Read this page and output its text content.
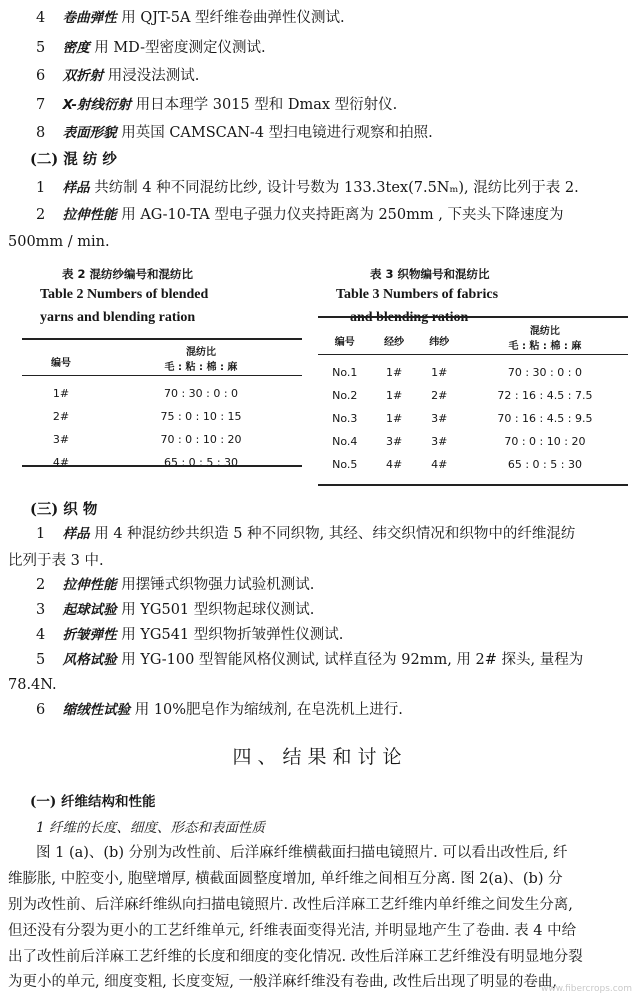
4 卷曲弹性 用 QJT-5A 型纤维卷曲弹性仪测试.
5 密度 用 MD-型密度测定仪测试.
6 双折射 用浸没法测试.
7 X-射线衍射 用日本理学 3015 型和 Dmax 型衍射仪.
8 表面形貌 用英国 CAMSCAN-4 型扫电镜进行观察和拍照.
(二) 混 纺 纱
1 样品 共纺制 4 种不同混纺比纱, 设计号数为 133.3tex(7.5Nₘ), 混纺比列于表 2.
2 拉伸性能 用 AG-10-TA 型电子强力仪夹持距离为 250mm , 下夹头下降速度为
500mm / min.
表 2 混纺纱编号和混纺比
Table 2 Numbers of blended
yarns and blending ration
编号	混纺比
毛 : 粘 : 棉 : 麻

1#	70 : 30 : 0 : 0
2#	75 : 0 : 10 : 15
3#	70 : 0 : 10 : 20
4#	65 : 0 : 5 : 30
表 3 织物编号和混纺比
Table 3 Numbers of fabrics
and blending ration
编号	经纱	纬纱	混纺比
毛 : 粘 : 棉 : 麻

No.1	1#	1#	70 : 30 : 0 : 0
No.2	1#	2#	72 : 16 : 4.5 : 7.5
No.3	1#	3#	70 : 16 : 4.5 : 9.5
No.4	3#	3#	70 : 0 : 10 : 20
No.5	4#	4#	65 : 0 : 5 : 30
(三) 织 物
1 样品 用 4 种混纺纱共织造 5 种不同织物, 其经、纬交织情况和织物中的纤维混纺
比列于表 3 中.
2 拉伸性能 用摆锤式织物强力试验机测试.
3 起球试验 用 YG501 型织物起球仪测试.
4 折皱弹性 用 YG541 型织物折皱弹性仪测试.
5 风格试验 用 YG-100 型智能风格仪测试, 试样直径为 92mm, 用 2# 探头, 量程为
78.4N.
6 缩绒性试验 用 10%肥皂作为缩绒剂, 在皂洗机上进行.
四、结果和讨论
(一) 纤维结构和性能
1 纤维的长度、细度、形态和表面性质
图 1 (a)、(b) 分别为改性前、后洋麻纤维横截面扫描电镜照片. 可以看出改性后, 纤
维膨胀, 中腔变小, 胞壁增厚, 横截面圆整度增加, 单纤维之间相互分离. 图 2(a)、(b) 分
别为改性前、后洋麻纤维纵向扫描电镜照片. 改性后洋麻工艺纤维内单纤维之间发生分离,
但还没有分裂为更小的工艺纤维单元, 纤维表面变得光洁, 并明显地产生了卷曲. 表 4 中给
出了改性前后洋麻工艺纤维的长度和细度的变化情况. 改性后洋麻工艺纤维没有明显地分裂
为更小的单元, 细度变粗, 长度变短, 一般洋麻纤维没有卷曲, 改性后出现了明显的卷曲,
www.fibercrops.com
